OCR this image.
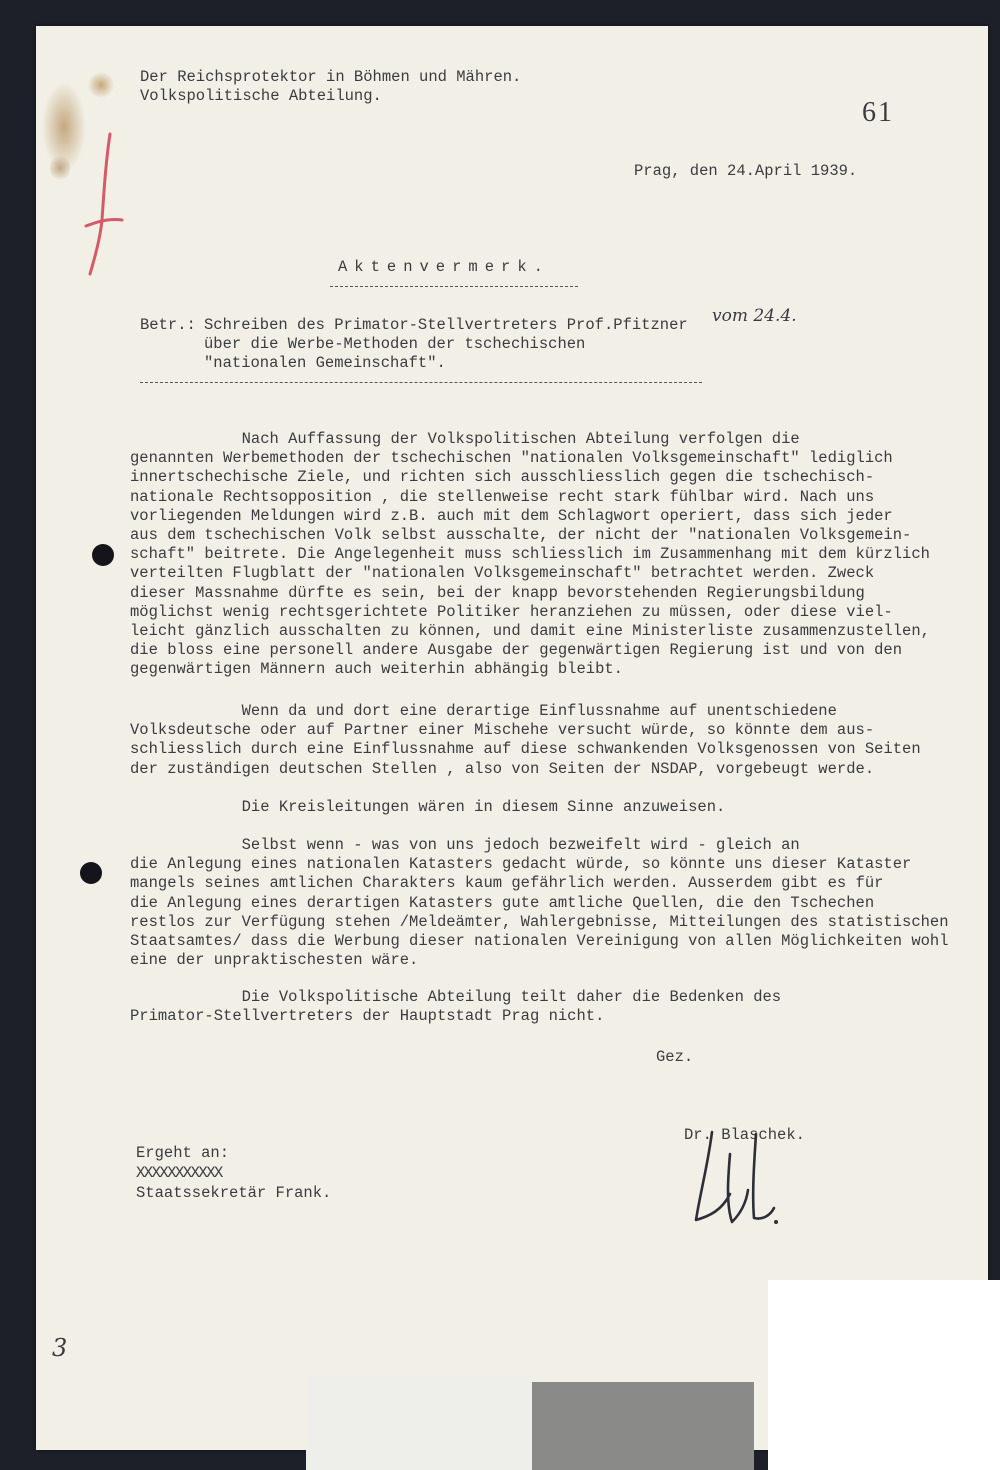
Der Reichsprotektor in Böhmen und Mähren.

Volkspolitische Abteilung.

61

Prag, den 24.April 1939.

Aktenvermerk.

Betr.: Schreiben des Primator-Stellvertreters Prof.Pfitzner

über die Werbe-Methoden der tschechischen

"nationalen Gemeinschaft".

vom 24.4.

Nach Auffassung der Volkspolitischen Abteilung verfolgen die

genannten Werbemethoden der tschechischen "nationalen Volksgemeinschaft" lediglich

innertschechische Ziele, und richten sich ausschliesslich gegen die tschechisch-

nationale Rechtsopposition , die stellenweise recht stark fühlbar wird. Nach uns

vorliegenden Meldungen wird z.B. auch mit dem Schlagwort operiert, dass sich jeder

aus dem tschechischen Volk selbst ausschalte, der nicht der "nationalen Volksgemein-

schaft" beitrete. Die Angelegenheit muss schliesslich im Zusammenhang mit dem kürzlich

verteilten Flugblatt der "nationalen Volksgemeinschaft" betrachtet werden. Zweck

dieser Massnahme dürfte es sein, bei der knapp bevorstehenden Regierungsbildung

möglichst wenig rechtsgerichtete Politiker heranziehen zu müssen, oder diese viel-

leicht gänzlich ausschalten zu können, und damit eine Ministerliste zusammenzustellen,

die bloss eine personell andere Ausgabe der gegenwärtigen Regierung ist und von den

gegenwärtigen Männern auch weiterhin abhängig bleibt.

Wenn da und dort eine derartige Einflussnahme auf unentschiedene

Volksdeutsche oder auf Partner einer Mischehe versucht würde, so könnte dem aus-

schliesslich durch eine Einflussnahme auf diese schwankenden Volksgenossen von Seiten

der zuständigen deutschen Stellen , also von Seiten der NSDAP, vorgebeugt werde.

Die Kreisleitungen wären in diesem Sinne anzuweisen.

Selbst wenn - was von uns jedoch bezweifelt wird - gleich an

die Anlegung eines nationalen Katasters gedacht würde, so könnte uns dieser Kataster

mangels seines amtlichen Charakters kaum gefährlich werden. Ausserdem gibt es für

die Anlegung eines derartigen Katasters gute amtliche Quellen, die den Tschechen

restlos zur Verfügung stehen /Meldeämter, Wahlergebnisse, Mitteilungen des statistischen

Staatsamtes/ dass die Werbung dieser nationalen Vereinigung von allen Möglichkeiten wohl

eine der unpraktischesten wäre.

Die Volkspolitische Abteilung teilt daher die Bedenken des

Primator-Stellvertreters der Hauptstadt Prag nicht.

Gez.

Dr. Blaschek.

Ergeht an:

XXXXXXXXXXX

Staatssekretär Frank.

3
